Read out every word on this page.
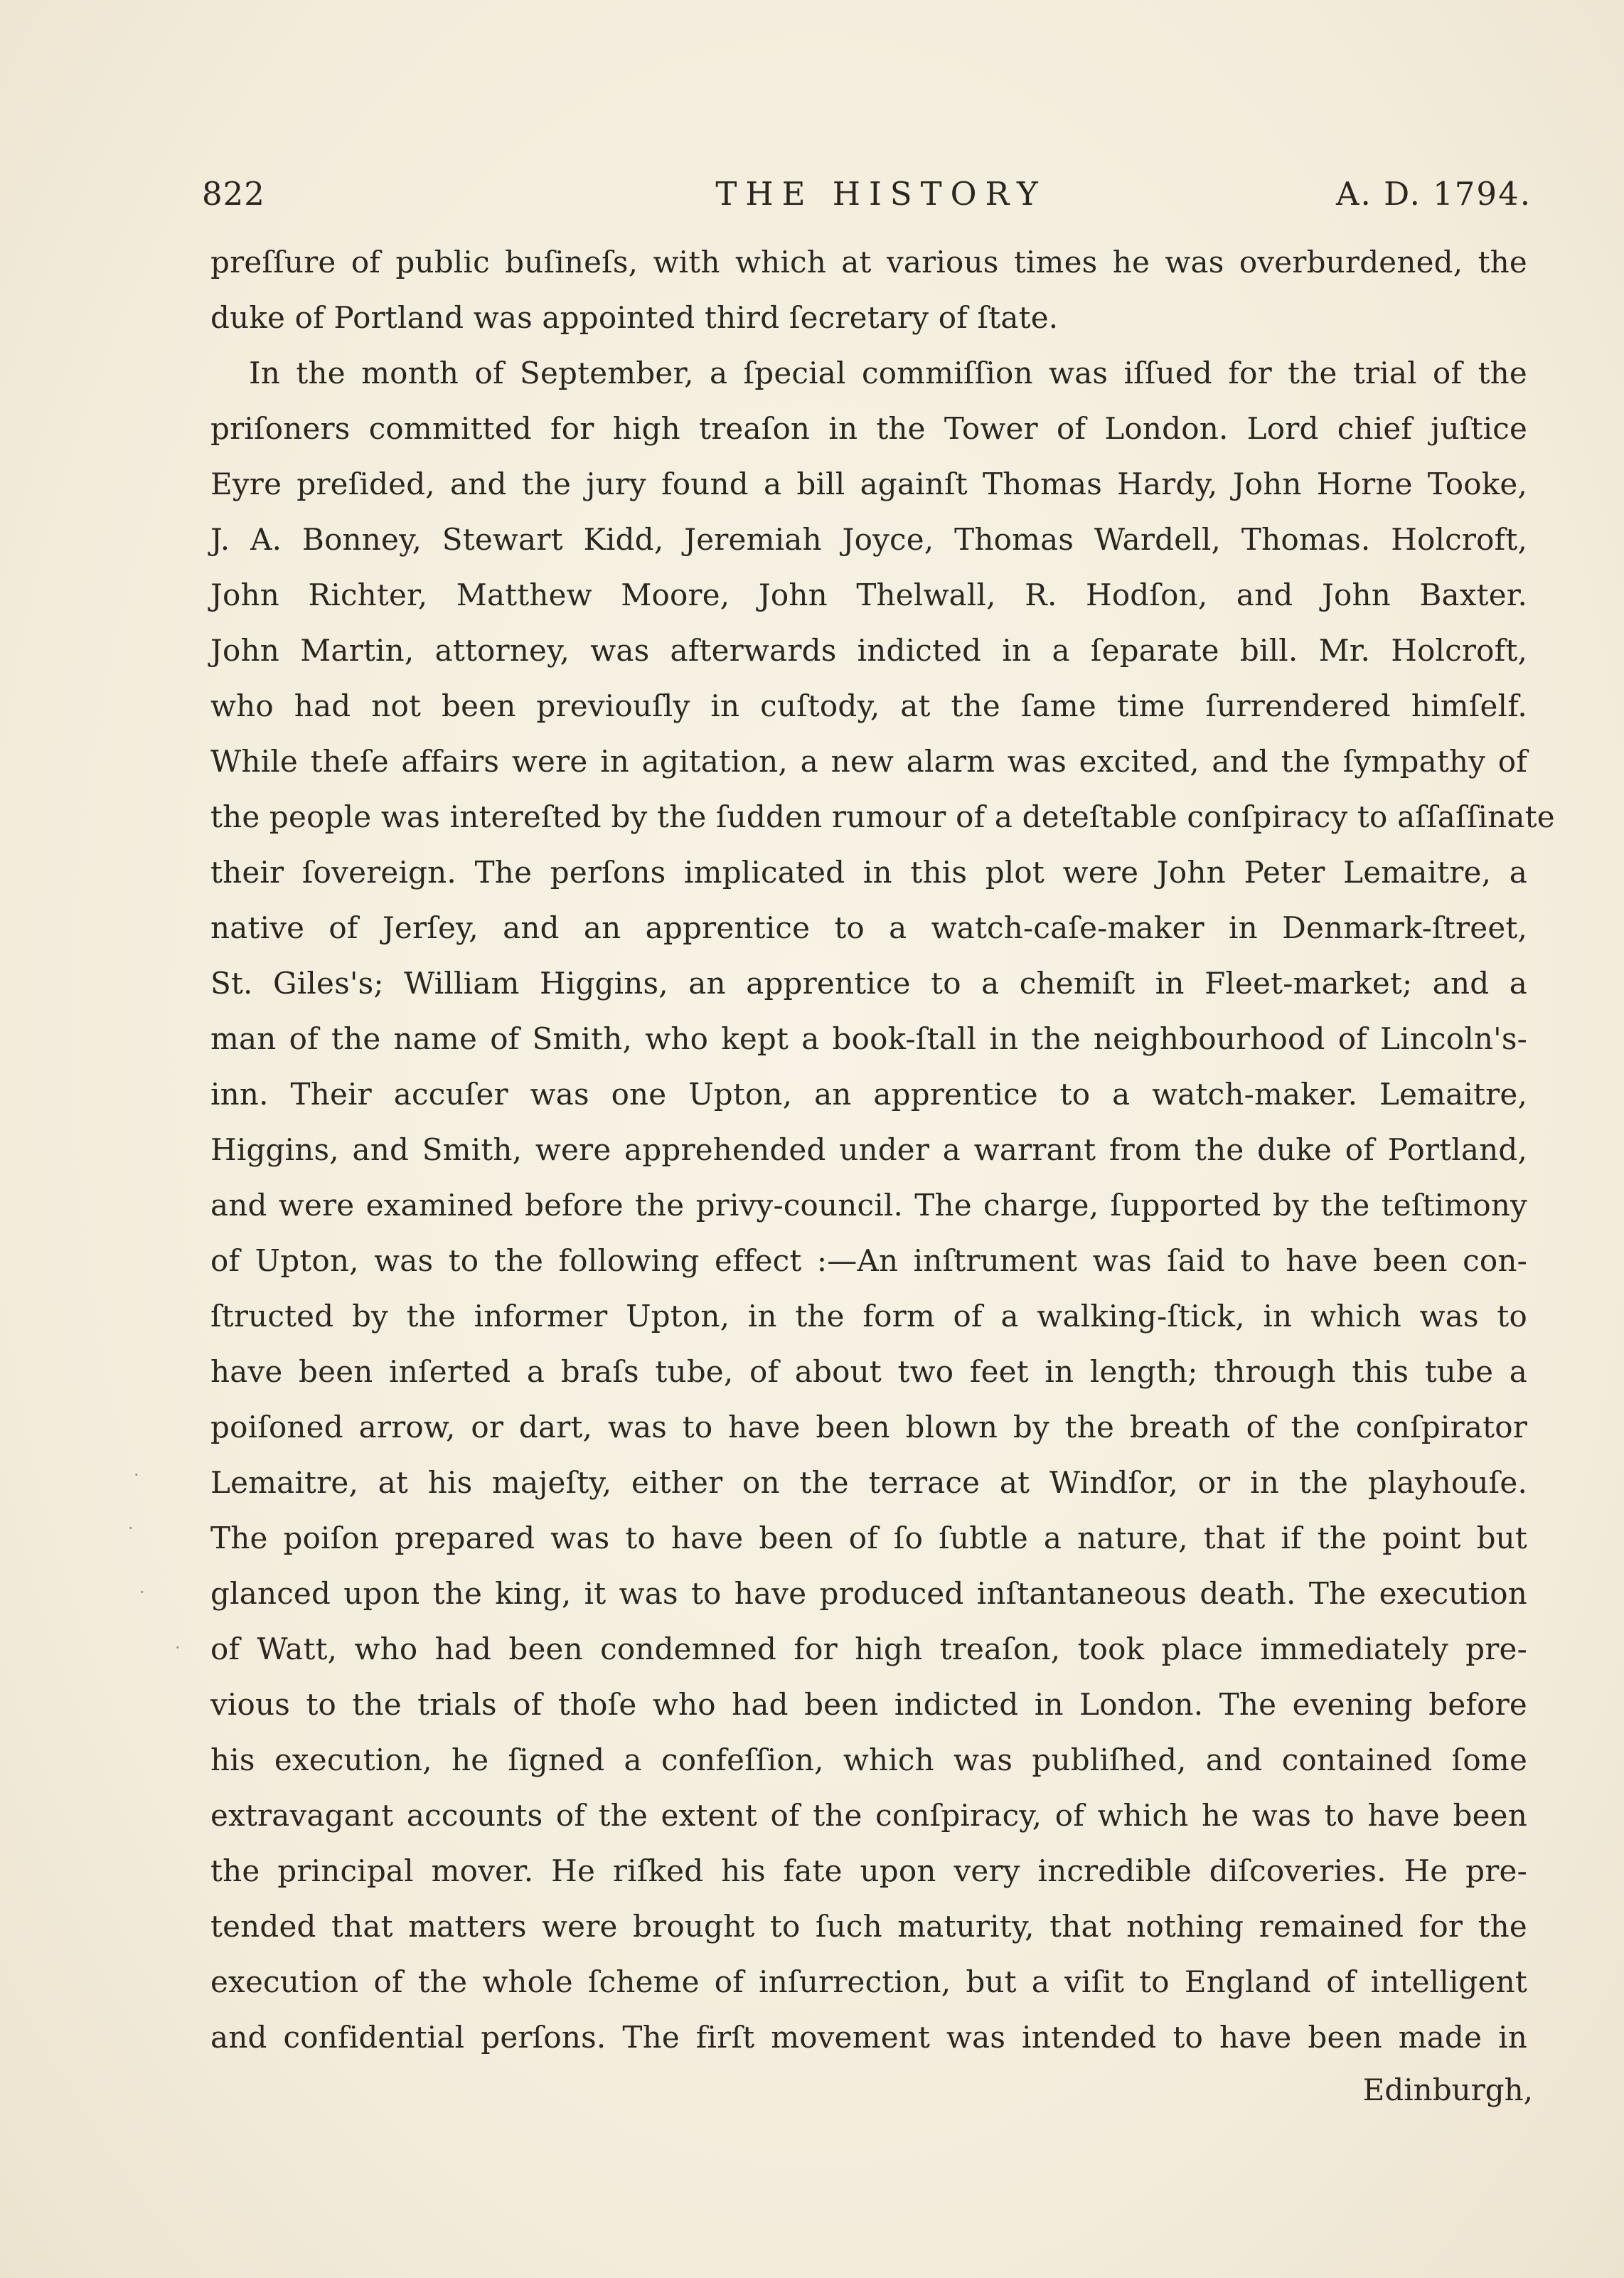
822	THE HISTORY	A. D. 1794.
preſſure of public buſineſs, with which at various times he was overburdened, the
duke of Portland was appointed third ſecretary of ſtate.
In the month of September, a ſpecial commiſſion was iſſued for the trial of the
priſoners committed for high treaſon in the Tower of London. Lord chief juſtice
Eyre preſided, and the jury found a bill againſt Thomas Hardy, John Horne Tooke,
J. A. Bonney, Stewart Kidd, Jeremiah Joyce, Thomas Wardell, Thomas. Holcroft,
John Richter, Matthew Moore, John Thelwall, R. Hodſon, and John Baxter.
John Martin, attorney, was afterwards indicted in a ſeparate bill. Mr. Holcroft,
who had not been previouſly in cuſtody, at the ſame time ſurrendered himſelf.
While theſe affairs were in agitation, a new alarm was excited, and the ſympathy of
the people was intereſted by the ſudden rumour of a deteſtable conſpiracy to aſſaſſinate
their ſovereign. The perſons implicated in this plot were John Peter Lemaitre, a
native of Jerſey, and an apprentice to a watch-caſe-maker in Denmark-ſtreet,
St. Giles's; William Higgins, an apprentice to a chemiſt in Fleet-market; and a
man of the name of Smith, who kept a book-ſtall in the neighbourhood of Lincoln's-
inn. Their accuſer was one Upton, an apprentice to a watch-maker. Lemaitre,
Higgins, and Smith, were apprehended under a warrant from the duke of Portland,
and were examined before the privy-council. The charge, ſupported by the teſtimony
of Upton, was to the following effect :—An inſtrument was ſaid to have been con-
ſtructed by the informer Upton, in the form of a walking-ſtick, in which was to
have been inſerted a braſs tube, of about two feet in length; through this tube a
poiſoned arrow, or dart, was to have been blown by the breath of the conſpirator
Lemaitre, at his majeſty, either on the terrace at Windſor, or in the playhouſe.
The poiſon prepared was to have been of ſo ſubtle a nature, that if the point but
glanced upon the king, it was to have produced inſtantaneous death. The execution
of Watt, who had been condemned for high treaſon, took place immediately pre-
vious to the trials of thoſe who had been indicted in London. The evening before
his execution, he ſigned a confeſſion, which was publiſhed, and contained ſome
extravagant accounts of the extent of the conſpiracy, of which he was to have been
the principal mover. He riſked his fate upon very incredible diſcoveries. He pre-
tended that matters were brought to ſuch maturity, that nothing remained for the
execution of the whole ſcheme of inſurrection, but a viſit to England of intelligent
and confidential perſons. The firſt movement was intended to have been made in
Edinburgh,
·
·
·
·
